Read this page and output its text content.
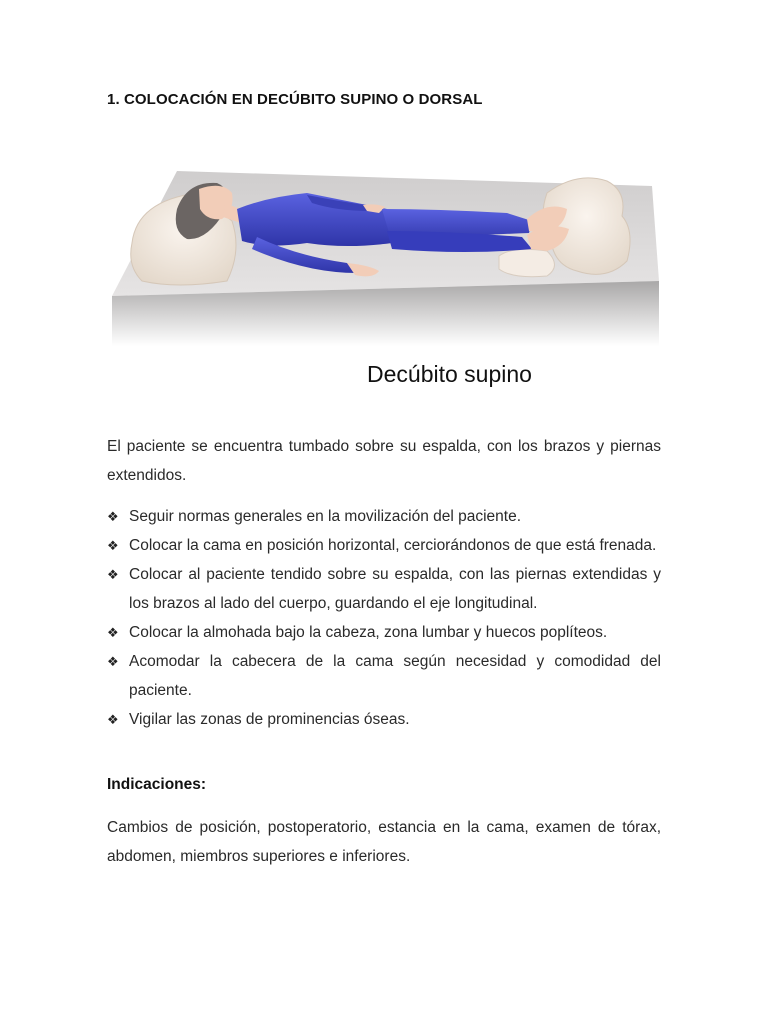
1. COLOCACIÓN EN DECÚBITO SUPINO O DORSAL
Decúbito supino

El paciente se encuentra tumbado sobre su espalda, con los brazos y piernas extendidos.

❖ Seguir normas generales en la movilización del paciente.
❖ Colocar la cama en posición horizontal, cerciorándonos de que está frenada.
❖ Colocar al paciente tendido sobre su espalda, con las piernas extendidas y los brazos al lado del cuerpo, guardando el eje longitudinal.
❖ Colocar la almohada bajo la cabeza, zona lumbar y huecos poplíteos.
❖ Acomodar la cabecera de la cama según necesidad y comodidad del paciente.
❖ Vigilar las zonas de prominencias óseas.
Indicaciones:

Cambios de posición, postoperatorio, estancia en la cama, examen de tórax, abdomen, miembros superiores e inferiores.
